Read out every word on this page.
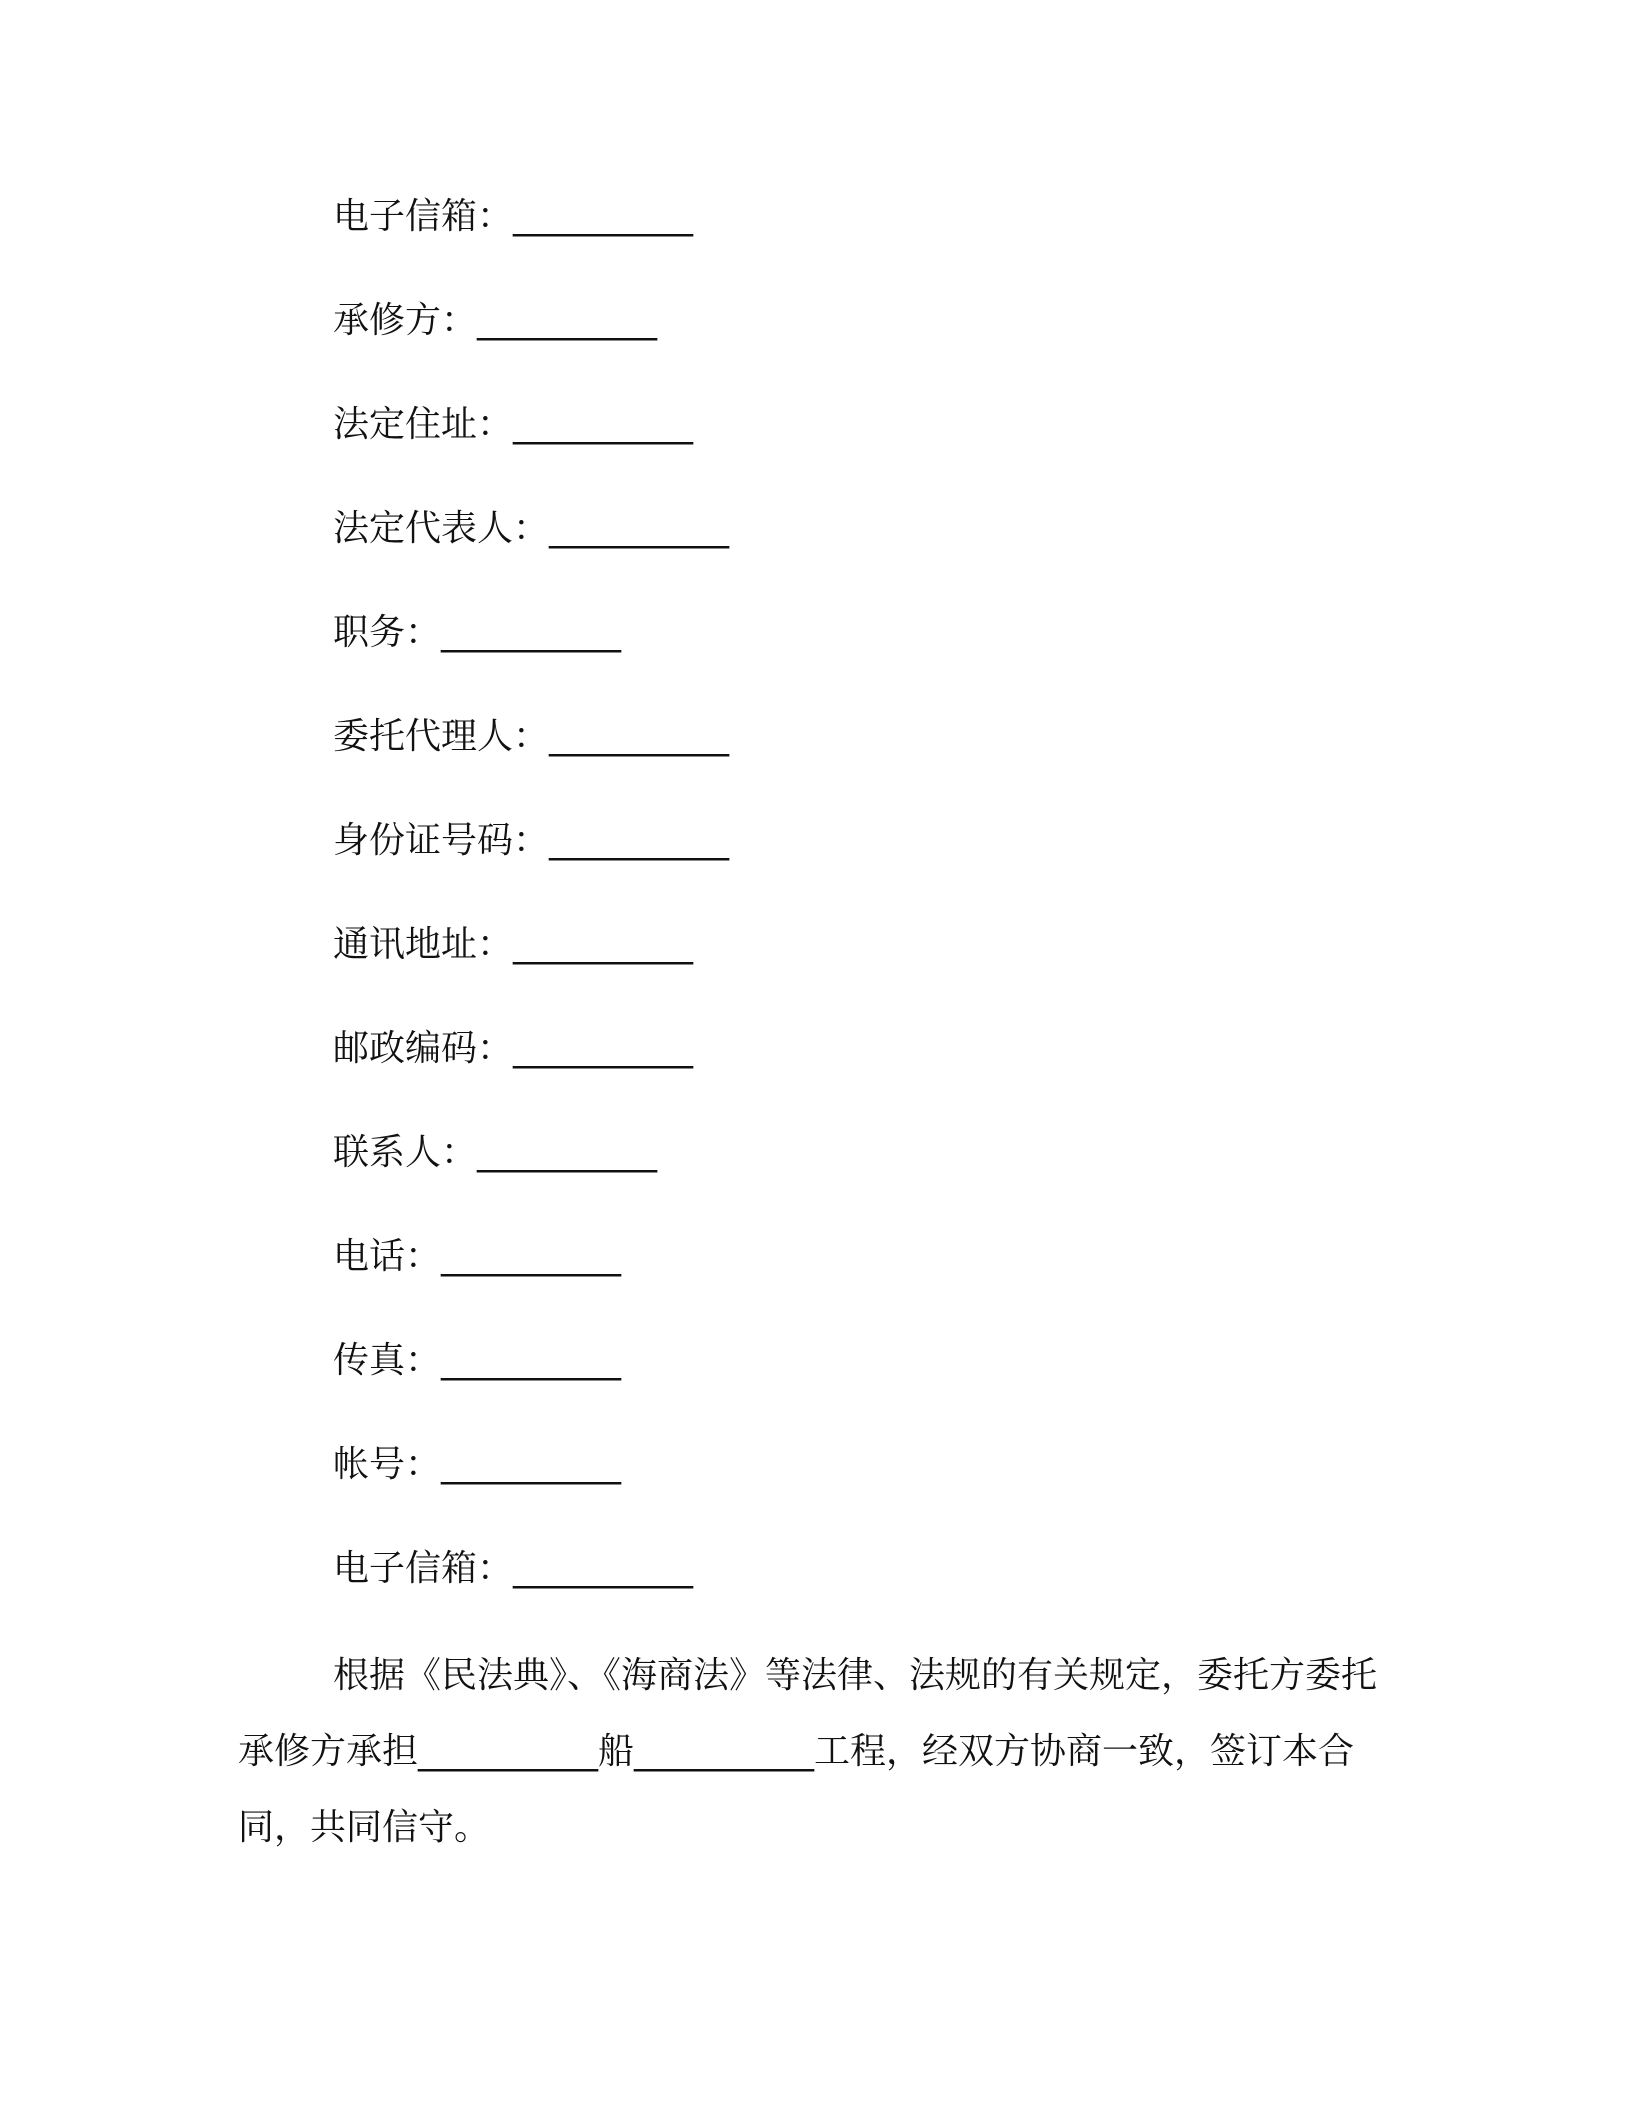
电子信箱：__________
承修方：__________
法定住址：__________
法定代表人：__________
职务：__________
委托代理人：__________
身份证号码：__________
通讯地址：__________
邮政编码：__________
联系人：__________
电话：__________
传真：__________
帐号：__________
电子信箱：__________

根据《民法典》、《海商法》等法律、法规的有关规定，委托方委托承修方承担__________船__________工程，经双方协商一致，签订本合同，共同信守。
